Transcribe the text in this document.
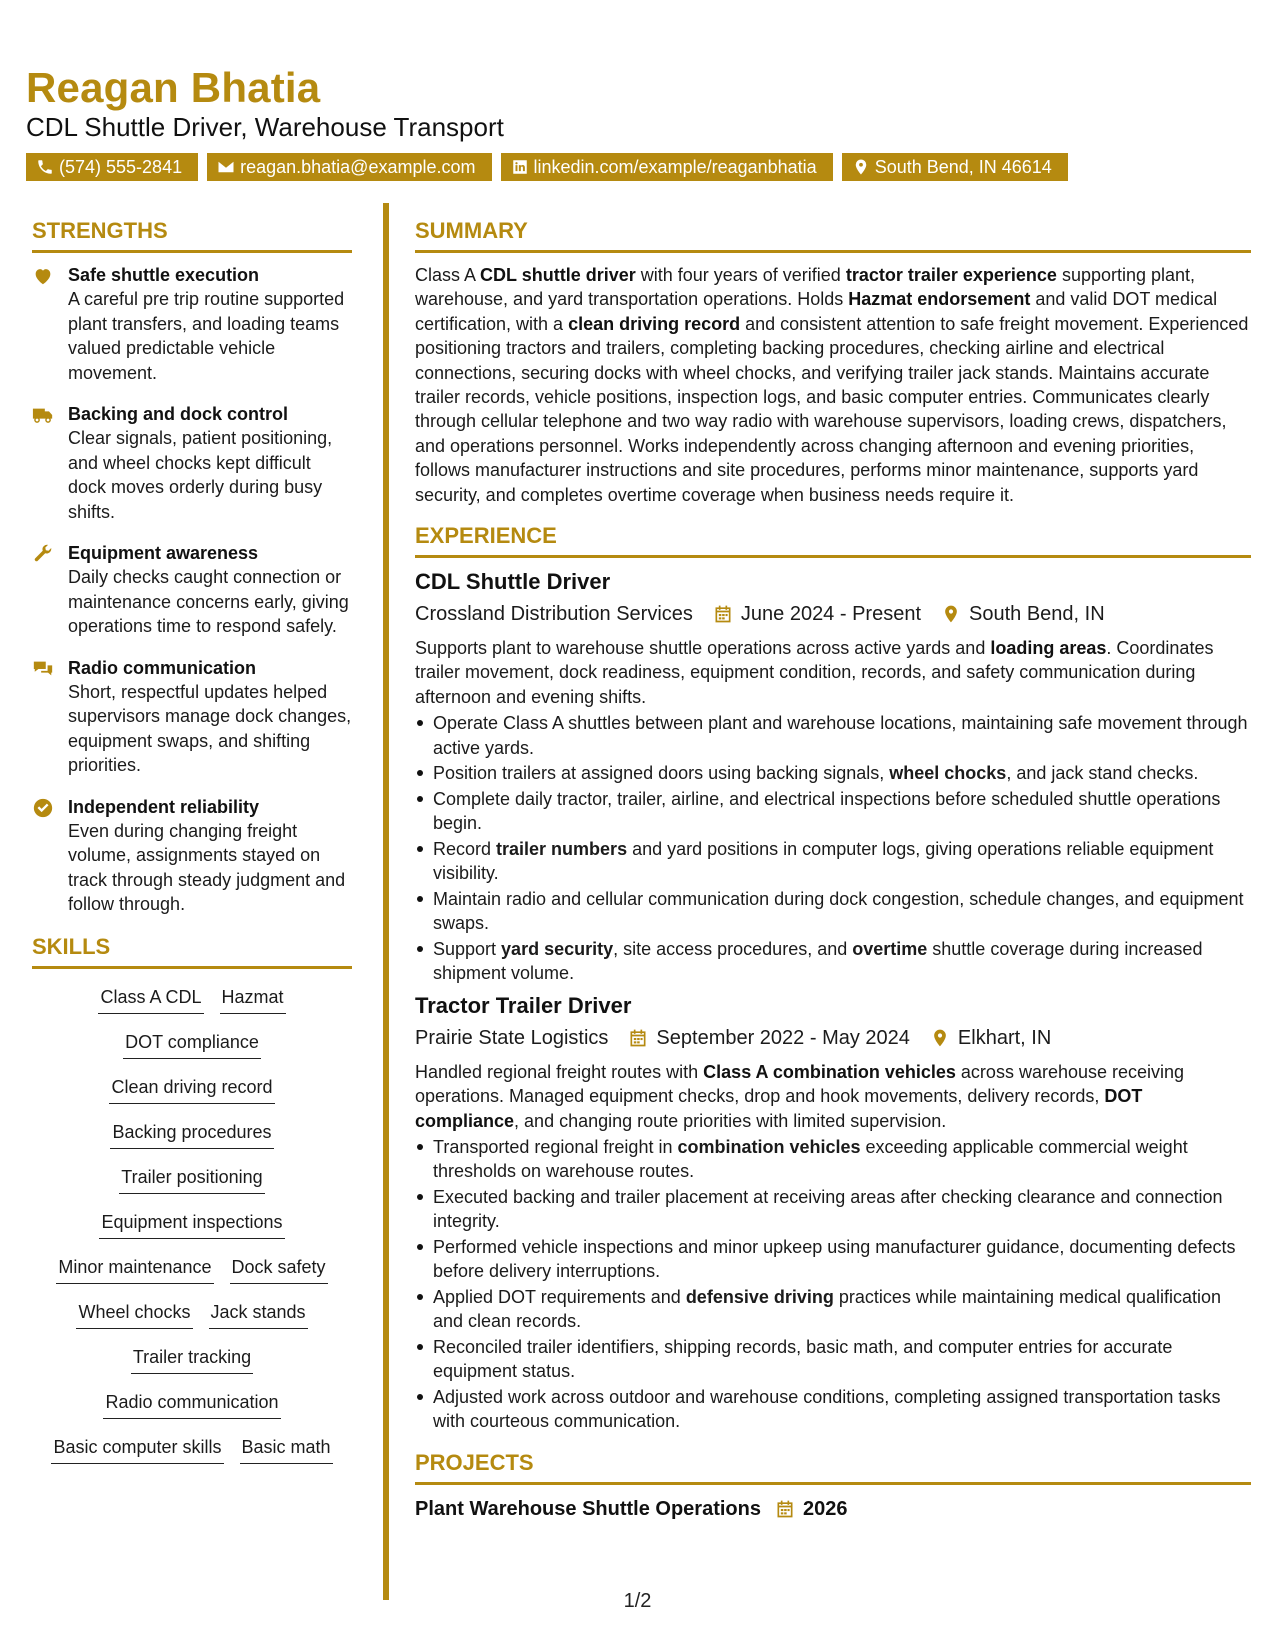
Reagan Bhatia
CDL Shuttle Driver, Warehouse Transport
(574) 555-2841	reagan.bhatia@example.com	linkedin.com/example/reaganbhatia	South Bend, IN 46614
STRENGTHS
Safe shuttle execution
A careful pre trip routine supported plant transfers, and loading teams valued predictable vehicle movement.
Backing and dock control
Clear signals, patient positioning, and wheel chocks kept difficult dock moves orderly during busy shifts.
Equipment awareness
Daily checks caught connection or maintenance concerns early, giving operations time to respond safely.
Radio communication
Short, respectful updates helped supervisors manage dock changes, equipment swaps, and shifting priorities.
Independent reliability
Even during changing freight volume, assignments stayed on track through steady judgment and follow through.
SKILLS
Class A CDL Hazmat
DOT compliance
Clean driving record
Backing procedures
Trailer positioning
Equipment inspections
Minor maintenance Dock safety
Wheel chocks Jack stands
Trailer tracking
Radio communication
Basic computer skills Basic math
SUMMARY

Class A CDL shuttle driver with four years of verified tractor trailer experience supporting plant, warehouse, and yard transportation operations. Holds Hazmat endorsement and valid DOT medical certification, with a clean driving record and consistent attention to safe freight movement. Experienced positioning tractors and trailers, completing backing procedures, checking airline and electrical connections, securing docks with wheel chocks, and verifying trailer jack stands. Maintains accurate trailer records, vehicle positions, inspection logs, and basic computer entries. Communicates clearly through cellular telephone and two way radio with warehouse supervisors, loading crews, dispatchers, and operations personnel. Works independently across changing afternoon and evening priorities, follows manufacturer instructions and site procedures, performs minor maintenance, supports yard security, and completes overtime coverage when business needs require it.

EXPERIENCE
CDL Shuttle Driver
Crossland Distribution Services June 2024 - Present South Bend, IN

Supports plant to warehouse shuttle operations across active yards and loading areas. Coordinates trailer movement, dock readiness, equipment condition, records, and safety communication during afternoon and evening shifts.

Operate Class A shuttles between plant and warehouse locations, maintaining safe movement through active yards.
Position trailers at assigned doors using backing signals, wheel chocks, and jack stand checks.
Complete daily tractor, trailer, airline, and electrical inspections before scheduled shuttle operations begin.
Record trailer numbers and yard positions in computer logs, giving operations reliable equipment visibility.
Maintain radio and cellular communication during dock congestion, schedule changes, and equipment swaps.
Support yard security, site access procedures, and overtime shuttle coverage during increased shipment volume.
Tractor Trailer Driver
Prairie State Logistics September 2022 - May 2024 Elkhart, IN

Handled regional freight routes with Class A combination vehicles across warehouse receiving operations. Managed equipment checks, drop and hook movements, delivery records, DOT compliance, and changing route priorities with limited supervision.

Transported regional freight in combination vehicles exceeding applicable commercial weight thresholds on warehouse routes.
Executed backing and trailer placement at receiving areas after checking clearance and connection integrity.
Performed vehicle inspections and minor upkeep using manufacturer guidance, documenting defects before delivery interruptions.
Applied DOT requirements and defensive driving practices while maintaining medical qualification and clean records.
Reconciled trailer identifiers, shipping records, basic math, and computer entries for accurate equipment status.
Adjusted work across outdoor and warehouse conditions, completing assigned transportation tasks with courteous communication.
PROJECTS
Plant Warehouse Shuttle Operations 2026
1/2
